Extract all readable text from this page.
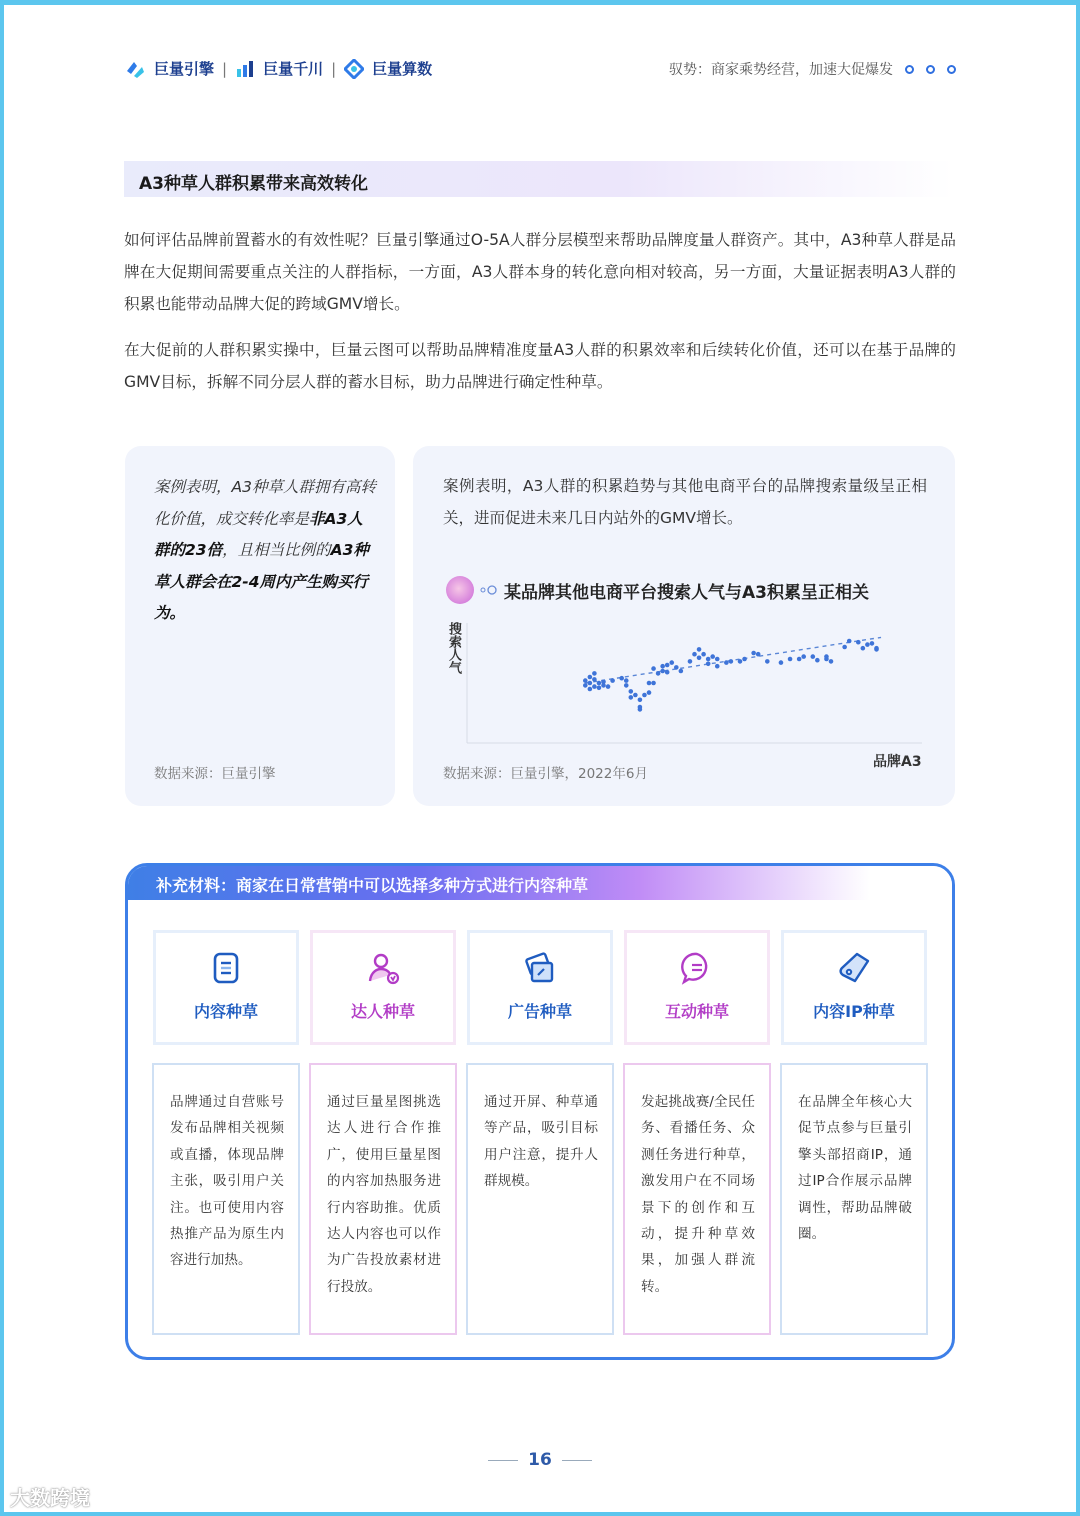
巨量引擎 | 巨量千川 | 巨量算数	驭势：商家乘势经营，加速大促爆发
A3种草人群积累带来高效转化
如何评估品牌前置蓄水的有效性呢？巨量引擎通过O-5A人群分层模型来帮助品牌度量人群资产。其中，A3种草人群是品牌在大促期间需要重点关注的人群指标，一方面，A3人群本身的转化意向相对较高，另一方面，大量证据表明A3人群的积累也能带动品牌大促的跨域GMV增长。
在大促前的人群积累实操中，巨量云图可以帮助品牌精准度量A3人群的积累效率和后续转化价值，还可以在基于品牌的GMV目标，拆解不同分层人群的蓄水目标，助力品牌进行确定性种草。
案例表明，A3种草人群拥有高转化价值，成交转化率是非A3人群的23倍，且相当比例的A3种草人群会在2-4周内产生购买行为。
数据来源：巨量引擎
案例表明，A3人群的积累趋势与其他电商平台的品牌搜索量级呈正相关，进而促进未来几日内站外的GMV增长。
某品牌其他电商平台搜索人气与A3积累呈正相关
搜索人气
品牌A3
数据来源：巨量引擎，2022年6月
补充材料：商家在日常营销中可以选择多种方式进行内容种草
内容种草
品牌通过自营账号发布品牌相关视频或直播，体现品牌主张，吸引用户关注。也可使用内容热推产品为原生内容进行加热。
达人种草
通过巨量星图挑选达人进行合作推广，使用巨量星图的内容加热服务进行内容助推。优质达人内容也可以作为广告投放素材进行投放。
广告种草
通过开屏、种草通等产品，吸引目标用户注意，提升人群规模。
互动种草
发起挑战赛/全民任务、看播任务、众测任务进行种草，激发用户在不同场景下的创作和互动，提升种草效果，加强人群流转。
内容IP种草
在品牌全年核心大促节点参与巨量引擎头部招商IP，通过IP合作展示品牌调性，帮助品牌破圈。
16
大数跨境
